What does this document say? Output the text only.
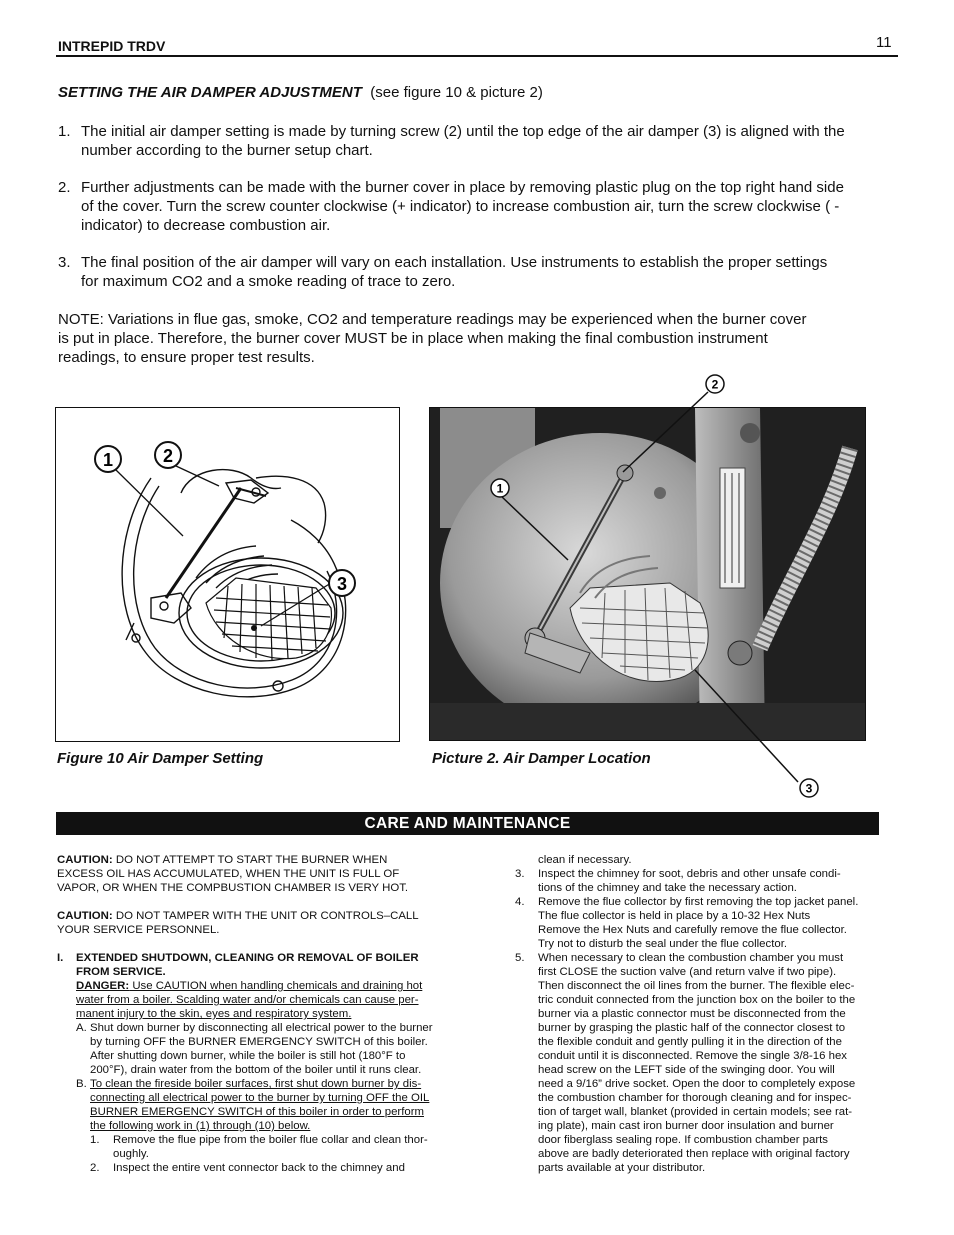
INTREPID TRDV	11
SETTING THE AIR DAMPER ADJUSTMENT (see figure 10 & picture 2)
1. The initial air damper setting is made by turning screw (2) until the top edge of the air damper (3) is aligned with the
number according to the burner setup chart.
2. Further adjustments can be made with the burner cover in place by removing plastic plug on the top right hand side
of the cover. Turn the screw counter clockwise (+ indicator) to increase combustion air, turn the screw clockwise ( -
indicator) to decrease combustion air.
3. The final position of the air damper will vary on each installation. Use instruments to establish the proper settings
for maximum CO2 and a smoke reading of trace to zero.
NOTE: Variations in flue gas, smoke, CO2 and temperature readings may be experienced when the burner cover
is put in place. Therefore, the burner cover MUST be in place when making the final combustion instrument
readings, to ensure proper test results.
1	2
3
2
1
3
Figure 10 Air Damper Setting	Picture 2. Air Damper Location
CARE AND MAINTENANCE
CAUTION: DO NOT ATTEMPT TO START THE BURNER WHEN
EXCESS OIL HAS ACCUMULATED, WHEN THE UNIT IS FULL OF
VAPOR, OR WHEN THE COMPBUSTION CHAMBER IS VERY HOT.
CAUTION: DO NOT TAMPER WITH THE UNIT OR CONTROLS–CALL
YOUR SERVICE PERSONNEL.
I. EXTENDED SHUTDOWN, CLEANING OR REMOVAL OF BOILER
FROM SERVICE.
DANGER: Use CAUTION when handling chemicals and draining hot
water from a boiler. Scalding water and/or chemicals can cause per-
manent injury to the skin, eyes and respiratory system.
A. Shut down burner by disconnecting all electrical power to the burner
by turning OFF the BURNER EMERGENCY SWITCH of this boiler.
After shutting down burner, while the boiler is still hot (180°F to
200°F), drain water from the bottom of the boiler until it runs clear.
B. To clean the fireside boiler surfaces, first shut down burner by dis-
connecting all electrical power to the burner by turning OFF the OIL
BURNER EMERGENCY SWITCH of this boiler in order to perform
the following work in (1) through (10) below.
1. Remove the flue pipe from the boiler flue collar and clean thor-
oughly.
2. Inspect the entire vent connector back to the chimney and
clean if necessary.
3. Inspect the chimney for soot, debris and other unsafe condi-
tions of the chimney and take the necessary action.
4. Remove the flue collector by first removing the top jacket panel.
The flue collector is held in place by a 10-32 Hex Nuts
Remove the Hex Nuts and carefully remove the flue collector.
Try not to disturb the seal under the flue collector.
5. When necessary to clean the combustion chamber you must
first CLOSE the suction valve (and return valve if two pipe).
Then disconnect the oil lines from the burner. The flexible elec-
tric conduit connected from the junction box on the boiler to the
burner via a plastic connector must be disconnected from the
burner by grasping the plastic half of the connector closest to
the flexible conduit and gently pulling it in the direction of the
conduit until it is disconnected. Remove the single 3/8-16 hex
head screw on the LEFT side of the swinging door. You will
need a 9/16” drive socket. Open the door to completely expose
the combustion chamber for thorough cleaning and for inspec-
tion of target wall, blanket (provided in certain models; see rat-
ing plate), main cast iron burner door insulation and burner
door fiberglass sealing rope. If combustion chamber parts
above are badly deteriorated then replace with original factory
parts available at your distributor.
